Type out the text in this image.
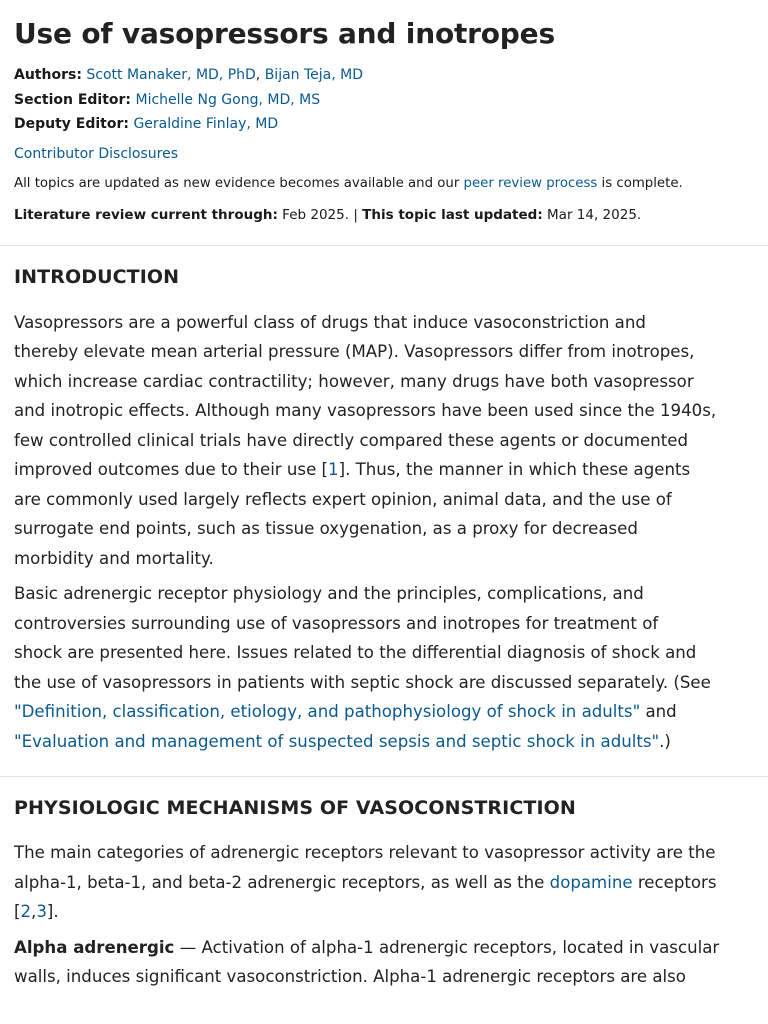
Use of vasopressors and inotropes
Authors: Scott Manaker, MD, PhD, Bijan Teja, MD
Section Editor: Michelle Ng Gong, MD, MS
Deputy Editor: Geraldine Finlay, MD
Contributor Disclosures
All topics are updated as new evidence becomes available and our peer review process is complete.
Literature review current through: Feb 2025. | This topic last updated: Mar 14, 2025.
INTRODUCTION
Vasopressors are a powerful class of drugs that induce vasoconstriction and
thereby elevate mean arterial pressure (MAP). Vasopressors differ from inotropes,
which increase cardiac contractility; however, many drugs have both vasopressor
and inotropic effects. Although many vasopressors have been used since the 1940s,
few controlled clinical trials have directly compared these agents or documented
improved outcomes due to their use [1]. Thus, the manner in which these agents
are commonly used largely reflects expert opinion, animal data, and the use of
surrogate end points, such as tissue oxygenation, as a proxy for decreased
morbidity and mortality.
Basic adrenergic receptor physiology and the principles, complications, and
controversies surrounding use of vasopressors and inotropes for treatment of
shock are presented here. Issues related to the differential diagnosis of shock and
the use of vasopressors in patients with septic shock are discussed separately. (See
"Definition, classification, etiology, and pathophysiology of shock in adults" and
"Evaluation and management of suspected sepsis and septic shock in adults".)
PHYSIOLOGIC MECHANISMS OF VASOCONSTRICTION
The main categories of adrenergic receptors relevant to vasopressor activity are the
alpha-1, beta-1, and beta-2 adrenergic receptors, as well as the dopamine receptors
[2,3].
Alpha adrenergic — Activation of alpha-1 adrenergic receptors, located in vascular
walls, induces significant vasoconstriction. Alpha-1 adrenergic receptors are also
